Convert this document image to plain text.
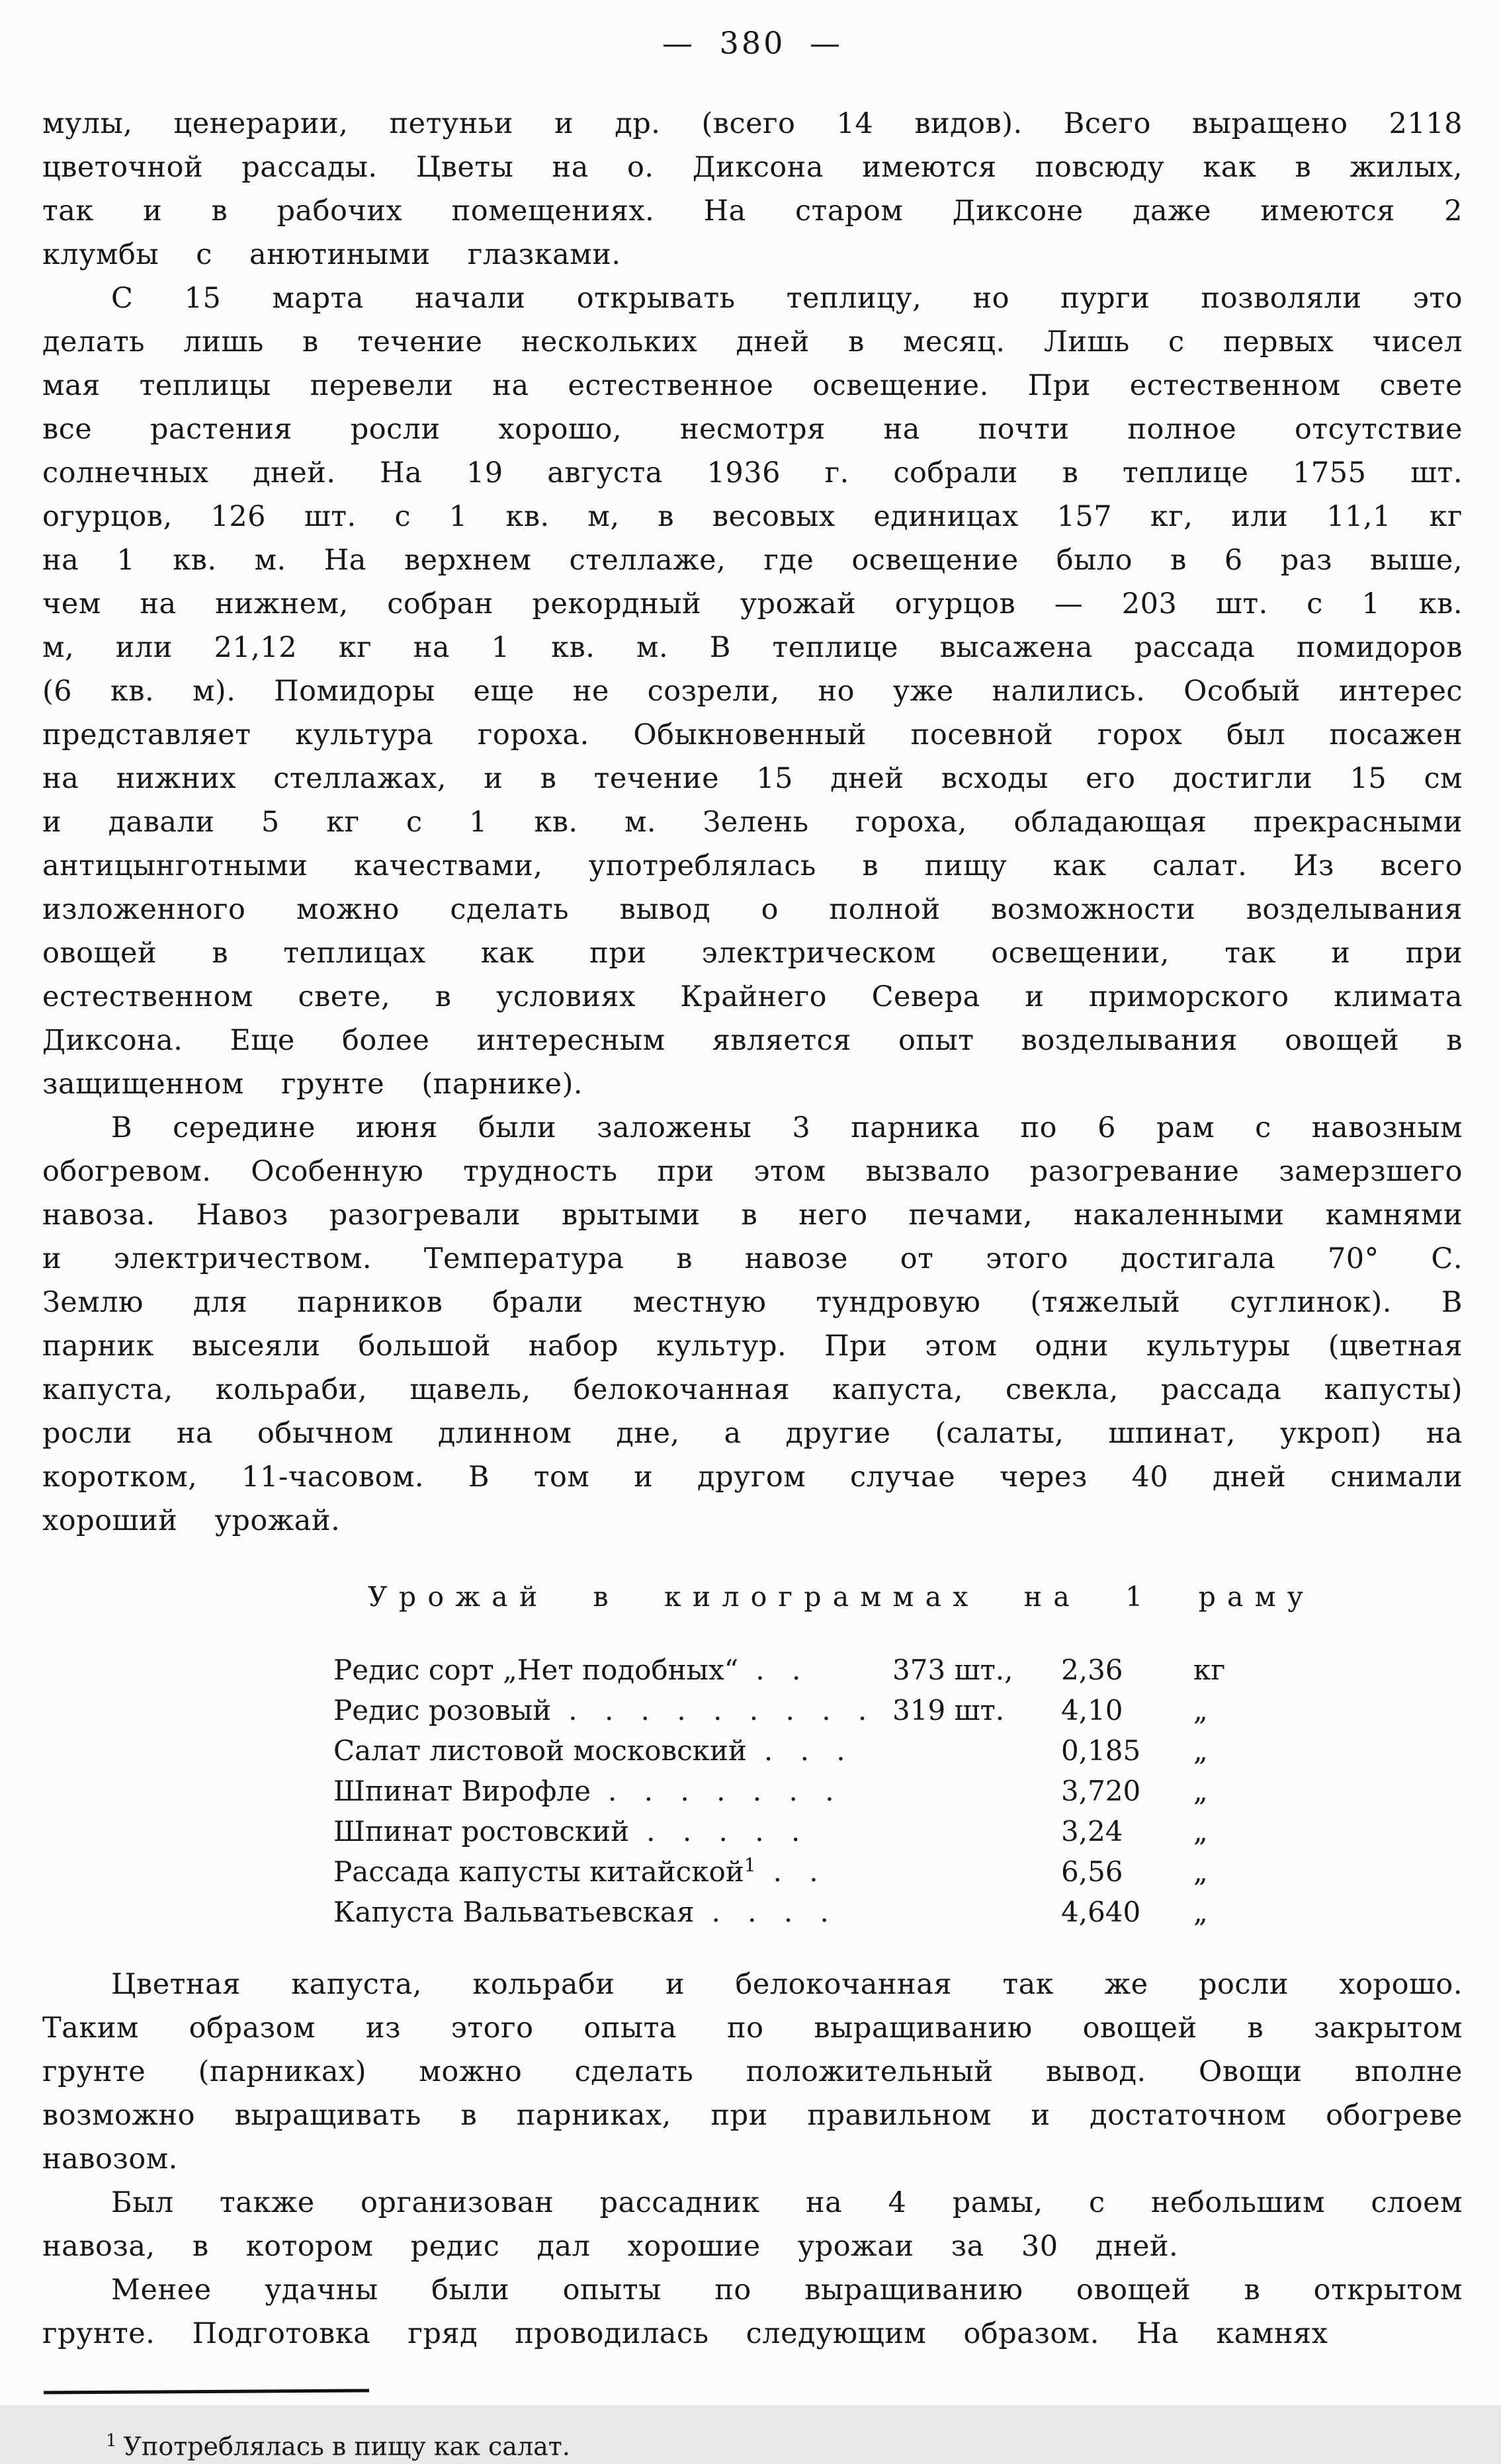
— 380 —

мулы, ценерарии, петуньи и др. (всего 14 видов). Всего выращено 2118 цветочной рассады. Цветы на о. Диксона имеются повсюду как в жилых, так и в рабочих помещениях. На старом Диксоне даже имеются 2 клумбы с анютиными глазками.

С 15 марта начали открывать теплицу, но пурги позволяли это делать лишь в течение нескольких дней в месяц. Лишь с первых чисел мая теплицы перевели на естественное освещение. При естественном свете все растения росли хорошо, несмотря на почти полное отсутствие солнечных дней. На 19 августа 1936 г. собрали в теплице 1755 шт. огурцов, 126 шт. с 1 кв. м, в весовых единицах 157 кг, или 11,1 кг на 1 кв. м. На верхнем стеллаже, где освещение было в 6 раз выше, чем на нижнем, собран рекордный урожай огурцов — 203 шт. с 1 кв. м, или 21,12 кг на 1 кв. м. В теплице высажена рассада помидоров (6 кв. м). Помидоры еще не созрели, но уже налились. Особый интерес представляет культура гороха. Обыкновенный посевной горох был посажен на нижних стеллажах, и в течение 15 дней всходы его достигли 15 см и давали 5 кг с 1 кв. м. Зелень гороха, обладающая прекрасными антицынготными качествами, употреблялась в пищу как салат. Из всего изложенного можно сделать вывод о полной возможности возделывания овощей в теплицах как при электрическом освещении, так и при естественном свете, в условиях Крайнего Севера и приморского климата Диксона. Еще более интересным является опыт возделывания овощей в защищенном грунте (парнике).

В середине июня были заложены 3 парника по 6 рам с навозным обогревом. Особенную трудность при этом вызвало разогревание замерзшего навоза. Навоз разогревали врытыми в него печами, накаленными камнями и электричеством. Температура в навозе от этого достигала 70° С. Землю для парников брали местную тундровую (тяжелый суглинок). В парник высеяли большой набор культур. При этом одни культуры (цветная капуста, кольраби, щавель, белокочанная капуста, свекла, рассада капусты) росли на обычном длинном дне, а другие (салаты, шпинат, укроп) на коротком, 11-часовом. В том и другом случае через 40 дней снимали хороший урожай.

Урожай в килограммах на 1 раму
Редис сорт „Нет подобных“ . .	373 шт.,	2,36	кг
Редис розовый . . . . . . . . . 319 шт.	4,10	„
Салат листовой московский . . .	0,185	„
Шпинат Вирофле . . . . . . .	3,720	„
Шпинат ростовский . . . . .	3,24	„
Рассада капусты китайской$^1$ . .	6,56	„
Капуста Вальватьевская . . . .	4,640	„

Цветная капуста, кольраби и белокочанная так же росли хорошо. Таким образом из этого опыта по выращиванию овощей в закрытом грунте (парниках) можно сделать положительный вывод. Овощи вполне возможно выращивать в парниках, при правильном и достаточном обогреве навозом.

Был также организован рассадник на 4 рамы, с небольшим слоем навоза, в котором редис дал хорошие урожаи за 30 дней.

Менее удачны были опыты по выращиванию овощей в открытом грунте. Подготовка гряд проводилась следующим образом. На камнях

$^1$ Употреблялась в пищу как салат.
